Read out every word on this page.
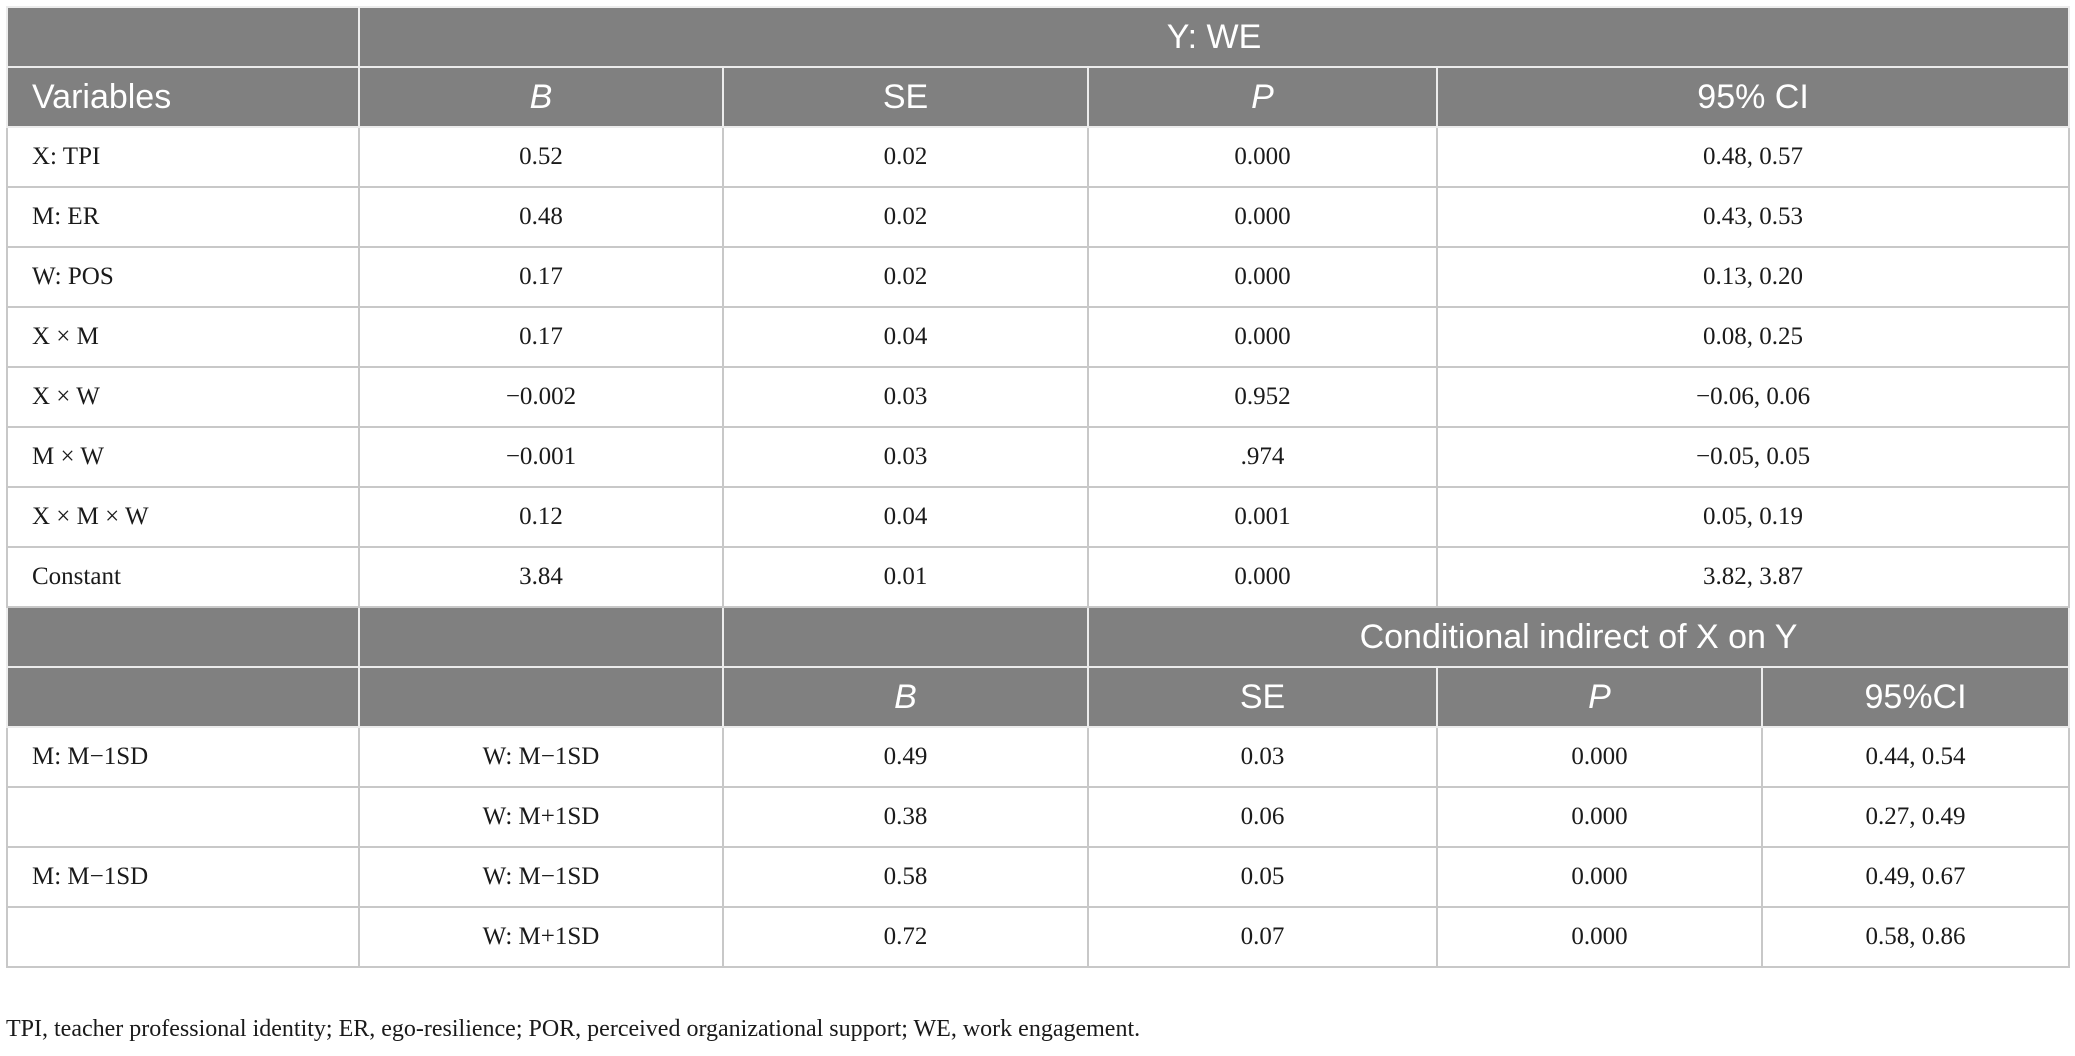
	Y: WE				
Variables	B	SE	P	95% CI	
X: TPI	0.52	0.02	0.000	0.48, 0.57	
M: ER	0.48	0.02	0.000	0.43, 0.53	
W: POS	0.17	0.02	0.000	0.13, 0.20	
X × M	0.17	0.04	0.000	0.08, 0.25	
X × W	−0.002	0.03	0.952	−0.06, 0.06	
M × W	−0.001	0.03	.974	−0.05, 0.05	
X × M × W	0.12	0.04	0.001	0.05, 0.19	
Constant	3.84	0.01	0.000	3.82, 3.87	
			Conditional indirect of X on Y		
		B	SE	P	95%CI
M: M−1SD	W: M−1SD	0.49	0.03	0.000	0.44, 0.54
	W: M+1SD	0.38	0.06	0.000	0.27, 0.49
M: M−1SD	W: M−1SD	0.58	0.05	0.000	0.49, 0.67
	W: M+1SD	0.72	0.07	0.000	0.58, 0.86
TPI, teacher professional identity; ER, ego-resilience; POR, perceived organizational support; WE, work engagement.
